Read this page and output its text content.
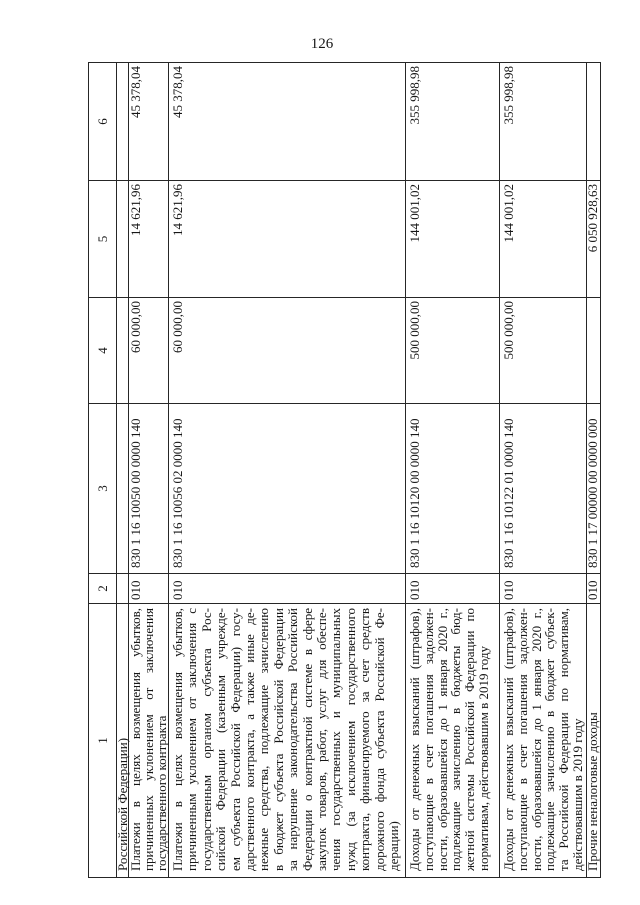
126
1
2
3
4
5
6
Российской Федерации)
Платежи в целях возмещения убытков,
причиненных уклонением от заключения
государственного контракта
010
830 1 16 10050 00 0000 140
60 000,00
14 621,96
45 378,04
Платежи в целях возмещения убытков, причиненным уклонением от заключения с государственным органом субъекта Рос- сийской Федерации (казенным учрежде- ем субъекта Российской Федерации) госу- дарственного контракта, а также иные де- нежные средства, подлежащие зачислению в бюджет субъекта Российской Федерации за нарушение законодательства Российской Федерации о контрактной системе в сфере закупок товаров, работ, услуг для обеспе- чения государственных и муниципальных нужд (за исключением государственного контракта, финансируемого за счет средств дорожного фонда субъекта Российской Фе- дерации)
010
830 1 16 10056 02 0000 140
60 000,00
14 621,96
45 378,04
Доходы от денежных взысканий (штрафов),
поступающие в счет погашения задолжен-
ности, образовавшейся до 1 января 2020 г.,
подлежащие зачислению в бюджеты бюд-
жетной системы Российской Федерации по
нормативам, действовавшим в 2019 году
010
830 1 16 10120 00 0000 140
500 000,00
144 001,02
355 998,98
Доходы от денежных взысканий (штрафов),
поступающие в счет погашения задолжен-
ности, образовавшейся до 1 января 2020 г.,
подлежащие зачислению в бюджет субъек-
та Российской Федерации по нормативам,
действовавшим в 2019 году
010
830 1 16 10122 01 0000 140
500 000,00
144 001,02
355 998,98
Прочие неналоговые доходы
010
830 1 17 00000 00 0000 000
6 050 928,63
